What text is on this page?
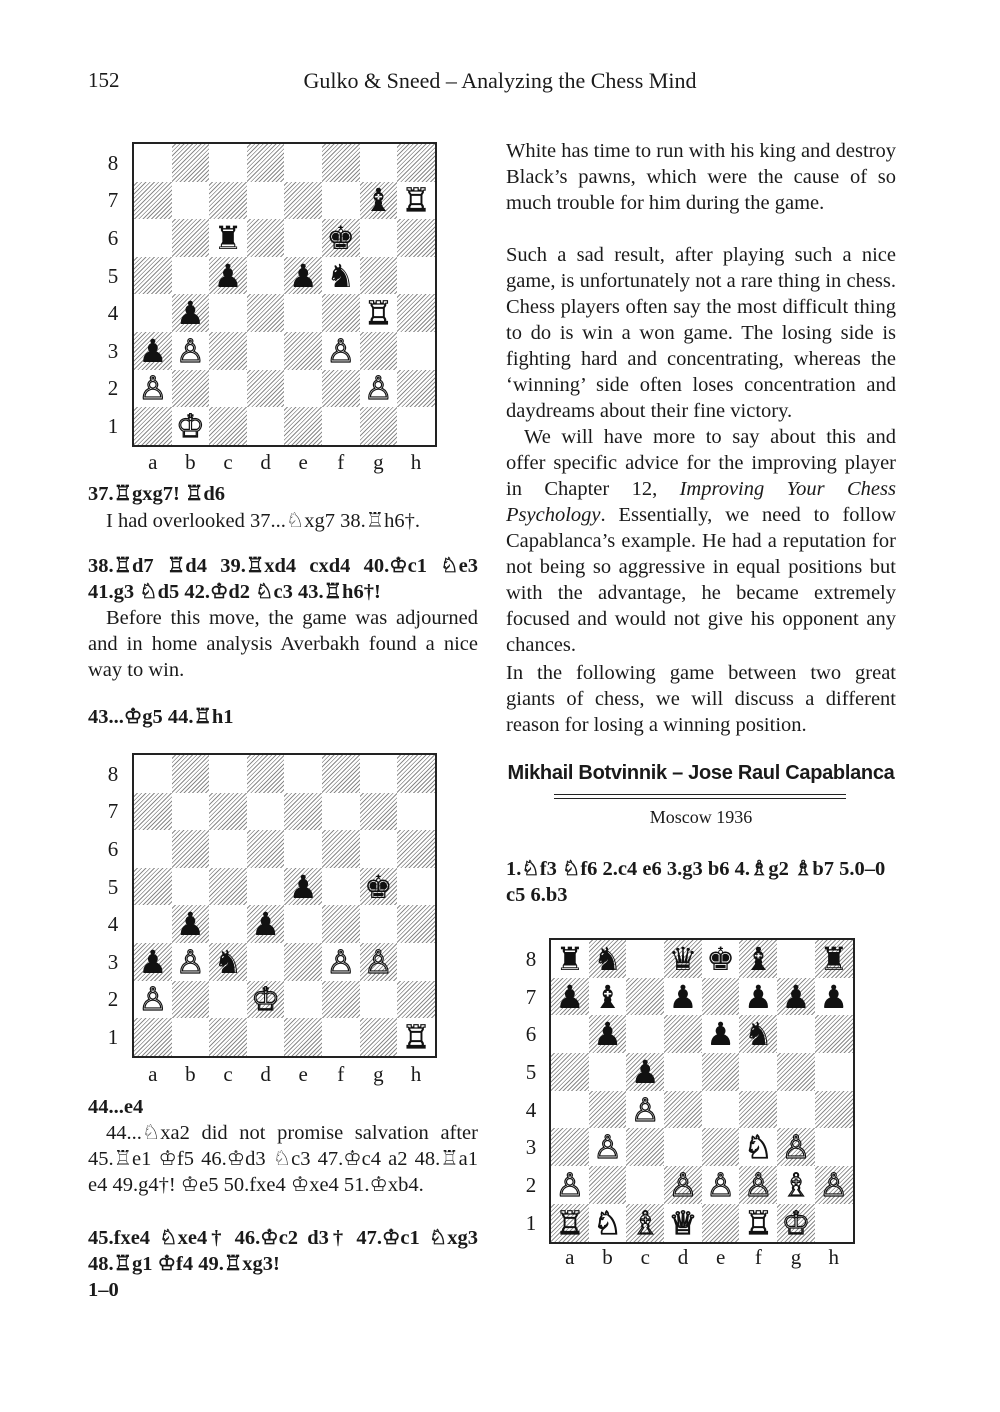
152	Gulko & Sneed – Analyzing the Chess Mind
37.♖gxg7! ♖d6
I had overlooked 37...♘xg7 38.♖h6†.
38.♖d7 ♖d4 39.♖xd4 cxd4 40.♔c1 ♘e3
41.g3 ♘d5 42.♔d2 ♘c3 43.♖h6†!
Before this move, the game was adjourned and in home analysis Averbakh found a nice way to win.
43...♔g5 44.♖h1
44...e4
44...♘xa2 did not promise salvation after 45.♖e1 ♔f5 46.♔d3 ♘c3 47.♔c4 a2 48.♖a1 e4 49.g4†! ♔e5 50.fxe4 ♔xe4 51.♔xb4.
45.fxe4 ♘xe4† 46.♔c2 d3† 47.♔c1 ♘xg3
48.♖g1 ♔f4 49.♖xg3!
1–0
White has time to run with his king and destroy Black’s pawns, which were the cause of so much trouble for him during the game.
Such a sad result, after playing such a nice game, is unfortunately not a rare thing in chess. Chess players often say the most difficult thing to do is win a won game. The losing side is fighting hard and concentrating, whereas the ‘winning’ side often loses concentration and daydreams about their fine victory.
We will have more to say about this and offer specific advice for the improving player in Chapter 12, Improving Your Chess Psychology. Essentially, we need to follow Capablanca’s example. He had a reputation for not being so aggressive in equal positions but with the advantage, he became extremely focused and would not give his opponent any chances.
In the following game between two great giants of chess, we will discuss a different reason for losing a winning position.
Mikhail Botvinnik – Jose Raul Capablanca
Moscow 1936
1.♘f3 ♘f6 2.c4 e6 3.g3 b6 4.♗g2 ♗b7 5.0–0 c5 6.b3
♝ ♖
♜	♚
♟ ♟ ♞
♟	♖
♟ ♙	♙
♙	♙
♔
8
7
6
5
4
3
2
1
a	b	c	d	e	f	g	h
♟ ♚
♟ ♟
♟ ♙ ♞	♙ ♙
♙	♔
♖
8
7
6
5
4
3
2
1
a	b	c	d	e	f	g	h
♜ ♞ ♛ ♚ ♝ ♜
♟ ♝ ♟ ♟ ♟ ♟
♟	♟ ♞
♟
♙
♙	♘ ♙
♙	♙ ♙ ♙ ♗ ♙
♖ ♘ ♗ ♕ ♖ ♔
8
7
6
5
4
3
2
1
a	b	c	d	e	f	g	h
